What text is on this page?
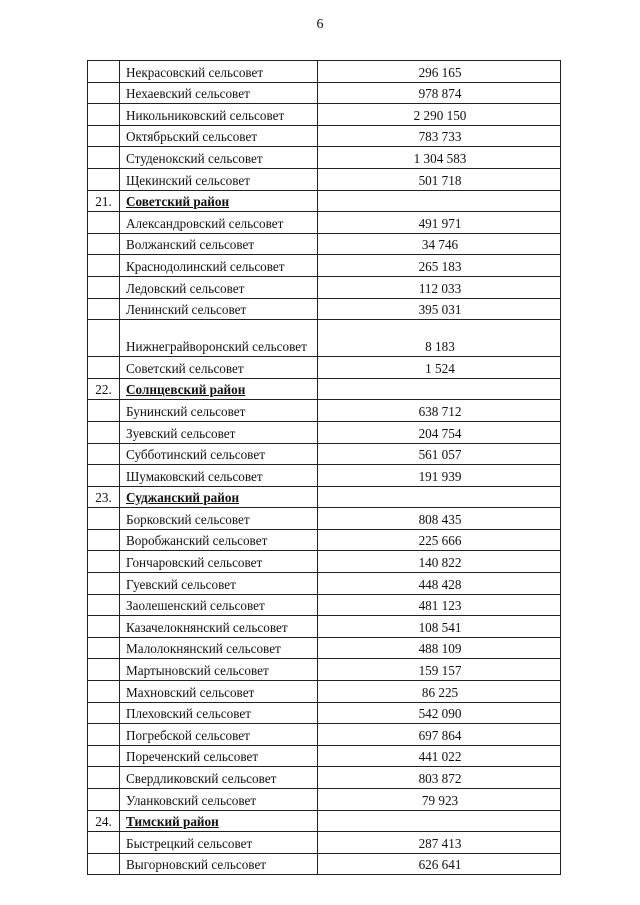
6
	Некрасовский сельсовет	296 165
	Нехаевский сельсовет	978 874
	Никольниковский сельсовет	2 290 150
	Октябрьский сельсовет	783 733
	Студенокский сельсовет	1 304 583
	Щекинский сельсовет	501 718
21.	Советский район	
	Александровский сельсовет	491 971
	Волжанский сельсовет	34 746
	Краснодолинский сельсовет	265 183
	Ледовский сельсовет	112 033
	Ленинский сельсовет	395 031
	Нижнеграйворонский сельсовет	8 183
	Советский сельсовет	1 524
22.	Солнцевский район	
	Бунинский сельсовет	638 712
	Зуевский сельсовет	204 754
	Субботинский сельсовет	561 057
	Шумаковский сельсовет	191 939
23.	Суджанский район	
	Борковский сельсовет	808 435
	Воробжанский сельсовет	225 666
	Гончаровский сельсовет	140 822
	Гуевский сельсовет	448 428
	Заолешенский сельсовет	481 123
	Казачелокнянский сельсовет	108 541
	Малолокнянский сельсовет	488 109
	Мартыновский сельсовет	159 157
	Махновский сельсовет	86 225
	Плеховский сельсовет	542 090
	Погребской сельсовет	697 864
	Пореченский сельсовет	441 022
	Свердликовский сельсовет	803 872
	Уланковский сельсовет	79 923
24.	Тимский район	
	Быстрецкий сельсовет	287 413
	Выгорновский сельсовет	626 641
